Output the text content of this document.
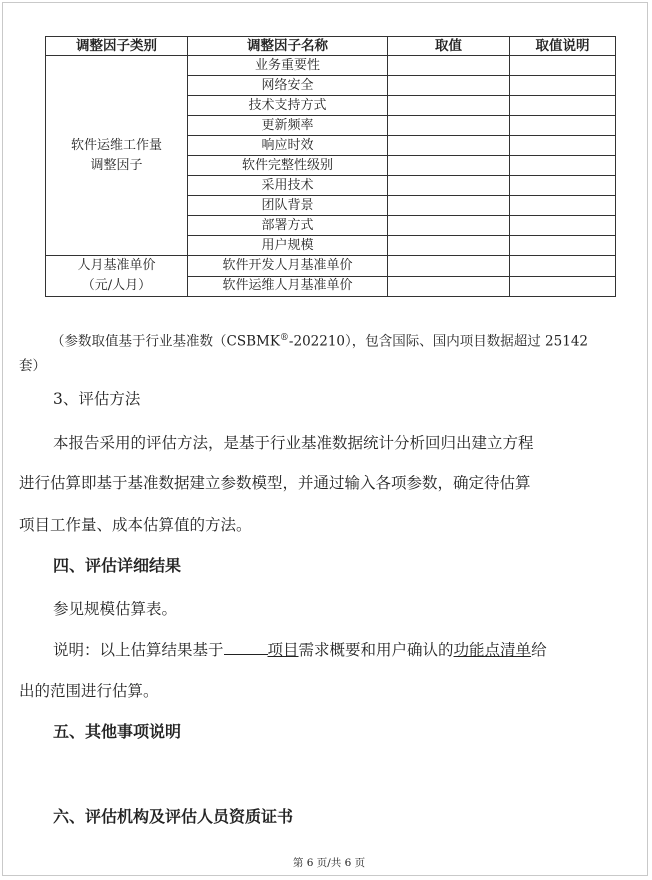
调整因子类别	调整因子名称	取值	取值说明

软件运维工作量
调整因子	业务重要性		
	网络安全		
	技术支持方式		
	更新频率		
	响应时效		
	软件完整性级别		
	采用技术		
	团队背景		
	部署方式		
	用户规模		

人月基准单价
（元/人月）	软件开发人月基准单价		
	软件运维人月基准单价		
（参数取值基于行业基准数（CSBMK®-202210），包含国际、国内项目数据超过 25142
套）
3、评估方法
本报告采用的评估方法，是基于行业基准数据统计分析回归出建立方程
进行估算即基于基准数据建立参数模型，并通过输入各项参数，确定待估算
项目工作量、成本估算值的方法。
四、评估详细结果
参见规模估算表。
说明：以上估算结果基于	项目需求概要和用户确认的功能点清单给
出的范围进行估算。
五、其他事项说明
六、评估机构及评估人员资质证书
第 6 页/共 6 页
